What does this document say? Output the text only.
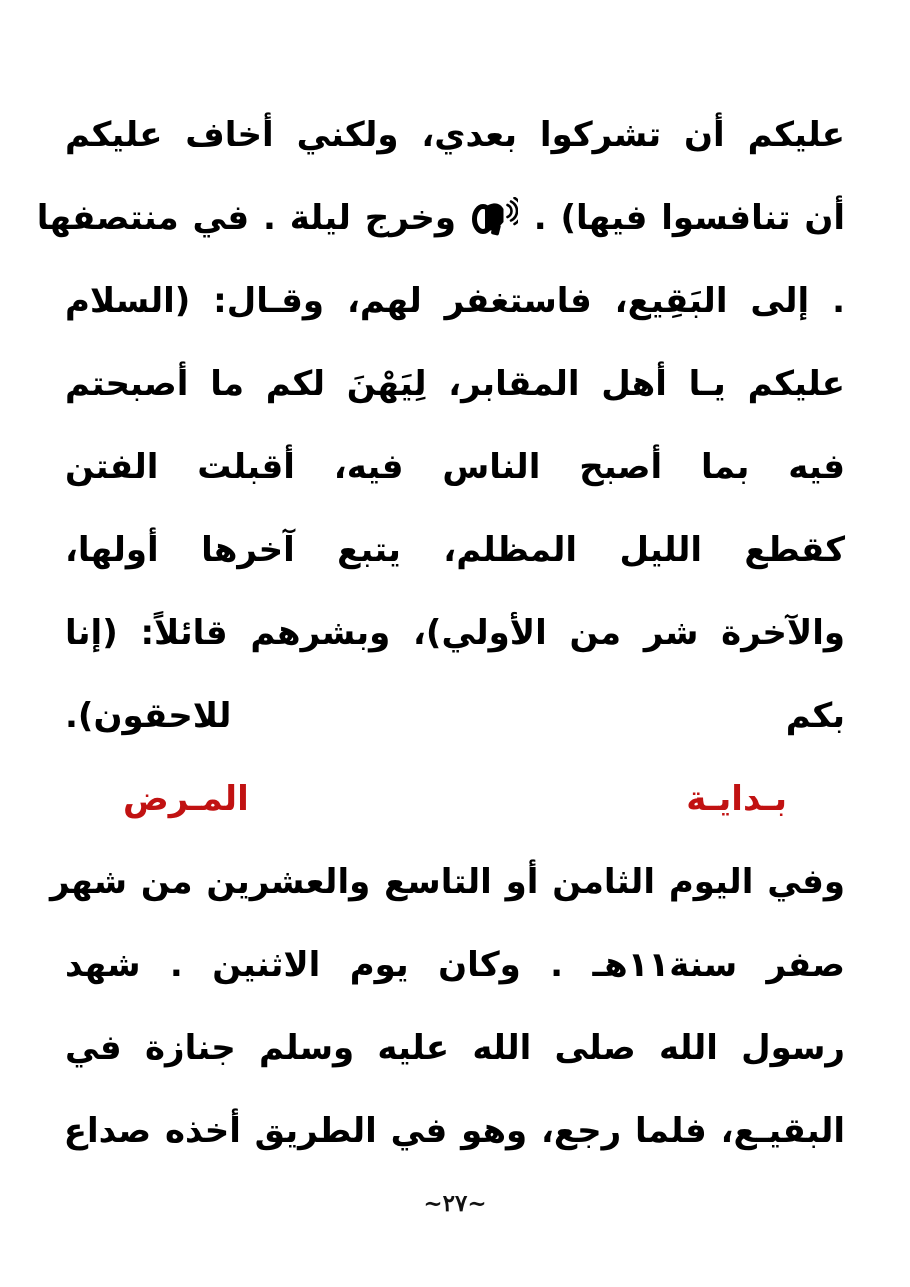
عليكم أن تشركوا بعدي، ولكني أخاف عليكم
أن تنافسوا فيها) .  وخرج ليلة . في منتصفها
. إلى البَقِيع، فاستغفر لهم، وقـال: (السلام
عليكم يـا أهل المقابر، لِيَهْنَ لكم ما أصبحتم
فيه بما أصبح الناس فيه، أقبلت الفتن
كقطع الليل المظلم، يتبع آخرها أولها،
والآخرة شر من الأولي)، وبشرهم قائلاً: (إنا
بكم للاحقون).
بـدايـة المـرض
وفي اليوم الثامن أو التاسع والعشرين من شهر
صفر سنة١١هـ . وكان يوم الاثنين . شهد
رسول الله صلى الله عليه وسلم جنازة في
البقيـع، فلما رجع، وهو في الطريق أخذه صداع
~٢٧~
